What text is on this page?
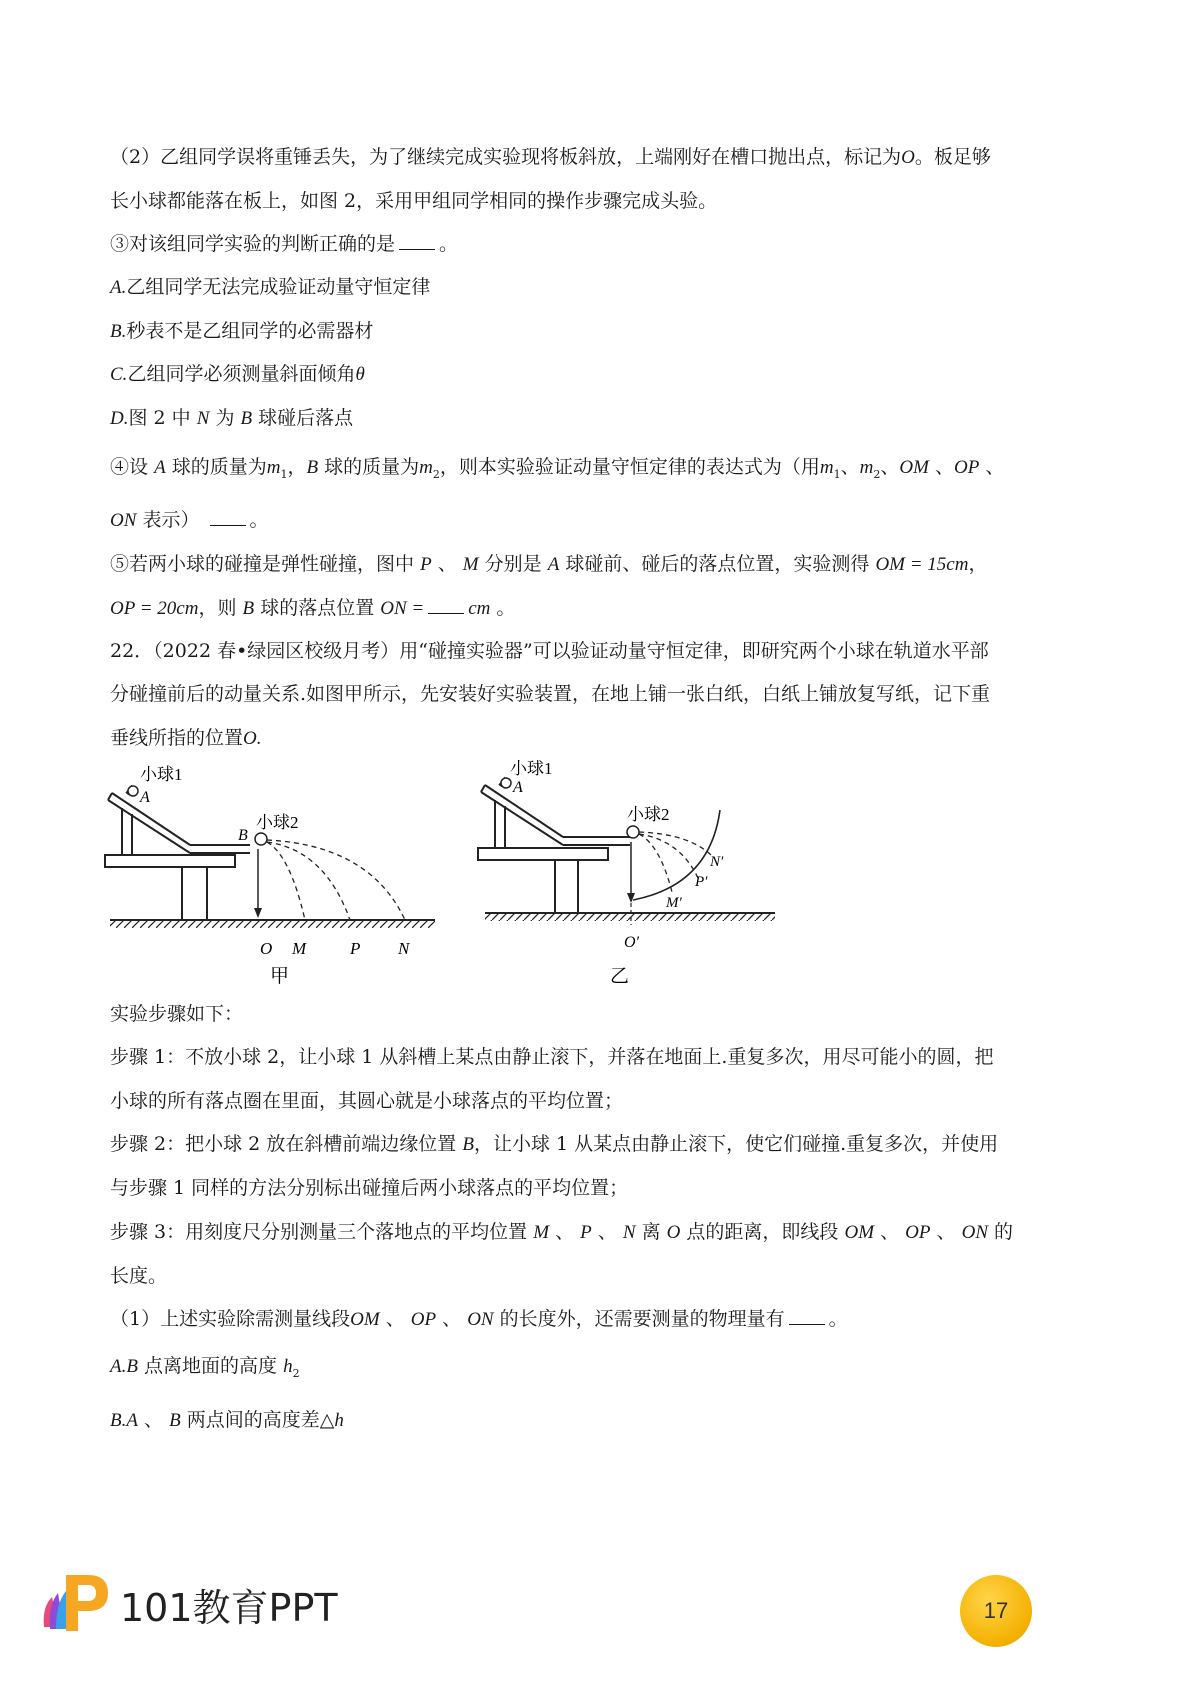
（2）乙组同学误将重锤丢失，为了继续完成实验现将板斜放，上端刚好在槽口抛出点，标记为O。板足够
长小球都能落在板上，如图 2，采用甲组同学相同的操作步骤完成头验。
③对该组同学实验的判断正确的是 。
A.乙组同学无法完成验证动量守恒定律
B.秒表不是乙组同学的必需器材
C.乙组同学必须测量斜面倾角θ
D.图 2 中 N 为 B 球碰后落点
④设 A 球的质量为$m_1$，B 球的质量为$m_2$，则本实验验证动量守恒定律的表达式为（用$m_1$、$m_2$、OM 、OP 、
ON 表示）	。
⑤若两小球的碰撞是弹性碰撞，图中 P 、 M 分别是 A 球碰前、碰后的落点位置，实验测得 OM = 15cm，
OP = 20cm，则 B 球的落点位置 ON = cm 。
22．（2022 春•绿园区校级月考）用“碰撞实验器”可以验证动量守恒定律，即研究两个小球在轨道水平部
分碰撞前后的动量关系.如图甲所示，先安装好实验装置，在地上铺一张白纸，白纸上铺放复写纸，记下重
垂线所指的位置O.
小球1
A
小球2
B
O M	P N
甲
小球1
A
小球2
N′
P′
M′
O′
乙
实验步骤如下：
步骤 1：不放小球 2，让小球 1 从斜槽上某点由静止滚下，并落在地面上.重复多次，用尽可能小的圆，把
小球的所有落点圈在里面，其圆心就是小球落点的平均位置；
步骤 2：把小球 2 放在斜槽前端边缘位置 B，让小球 1 从某点由静止滚下，使它们碰撞.重复多次，并使用
与步骤 1 同样的方法分别标出碰撞后两小球落点的平均位置；
步骤 3：用刻度尺分别测量三个落地点的平均位置 M 、 P 、 N 离 O 点的距离，即线段 OM 、 OP 、 ON 的
长度。
（1）上述实验除需测量线段OM 、 OP 、 ON 的长度外，还需要测量的物理量有 。
A.B 点离地面的高度 $h_2$
B.A 、 B 两点间的高度差△h
101教育PPT	17
